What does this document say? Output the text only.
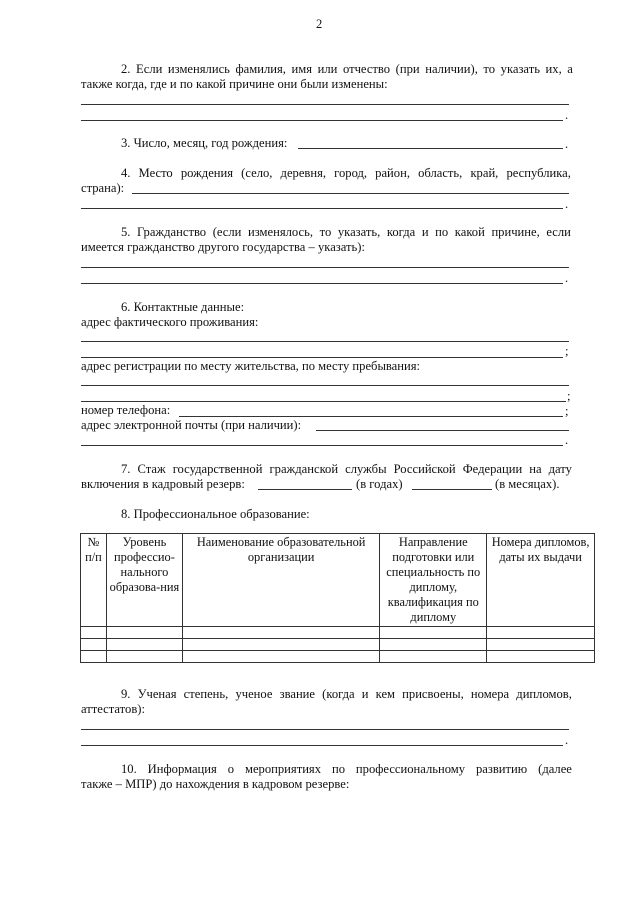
2
2. Если изменялись фамилия, имя или отчество (при наличии), то указать их, а
также когда, где и по какой причине они были изменены:
.
3. Число, месяц, год рождения:	.
4. Место рождения (село, деревня, город, район, область, край, республика,
страна):
.
5. Гражданство (если изменялось, то указать, когда и по какой причине, если
имеется гражданство другого государства – указать):
.
6. Контактные данные:
адрес фактического проживания:
;
адрес регистрации по месту жительства, по месту пребывания:
;
номер телефона:	;
адрес электронной почты (при наличии):
.
7. Стаж государственной гражданской службы Российской Федерации на дату
включения в кадровый резерв:	(в годах)	(в месяцах).
8. Профессиональное образование:
№ п/п	Уровень профессио-нального образова-ния	Наименование образовательной организации	Направление подготовки или специальность по диплому, квалификация по диплому	Номера дипломов, даты их выдачи

9. Ученая степень, ученое звание (когда и кем присвоены, номера дипломов,
аттестатов):
.
10. Информация о мероприятиях по профессиональному развитию (далее
также – МПР) до нахождения в кадровом резерве:
